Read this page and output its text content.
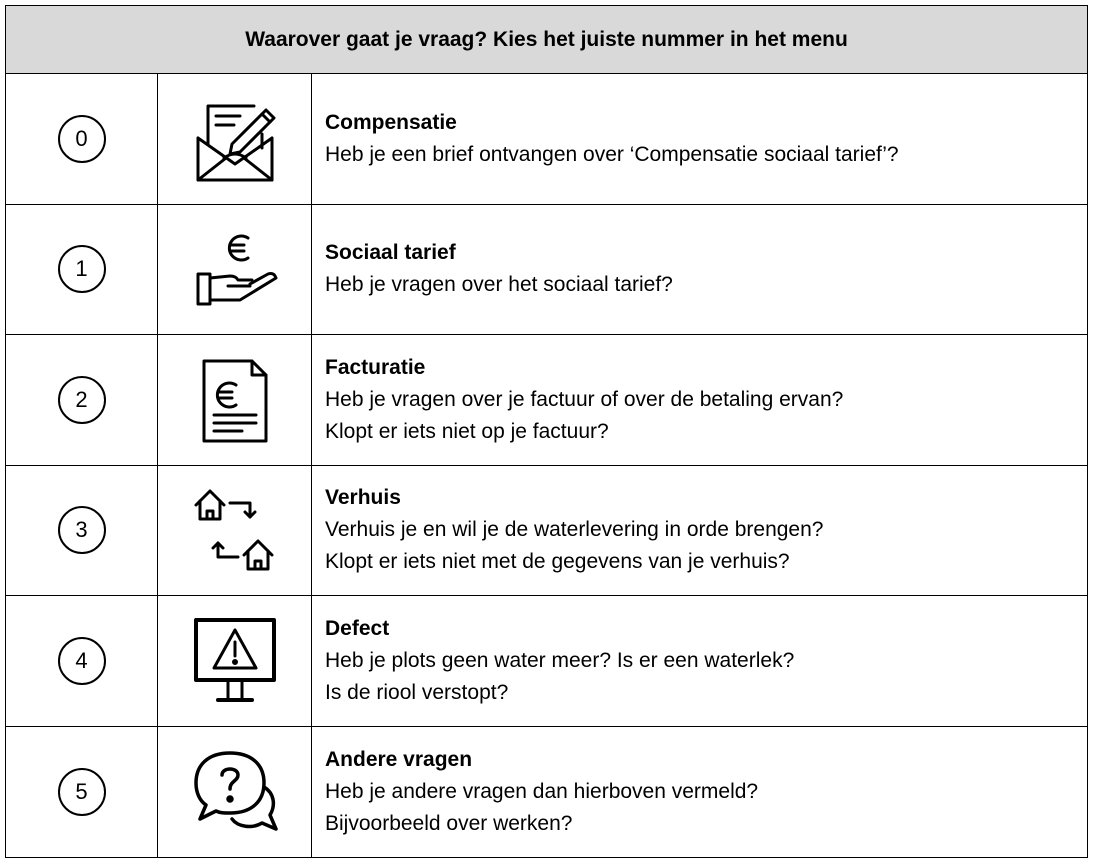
Waarover gaat je vraag? Kies het juiste nummer in het menu
0
Compensatie
Heb je een brief ontvangen over ‘Compensatie sociaal tarief’?
1
Sociaal tarief
Heb je vragen over het sociaal tarief?
2
Facturatie
Heb je vragen over je factuur of over de betaling ervan?
Klopt er iets niet op je factuur?
3
Verhuis
Verhuis je en wil je de waterlevering in orde brengen?
Klopt er iets niet met de gegevens van je verhuis?
4
Defect
Heb je plots geen water meer? Is er een waterlek?
Is de riool verstopt?
5
Andere vragen
Heb je andere vragen dan hierboven vermeld?
Bijvoorbeeld over werken?
